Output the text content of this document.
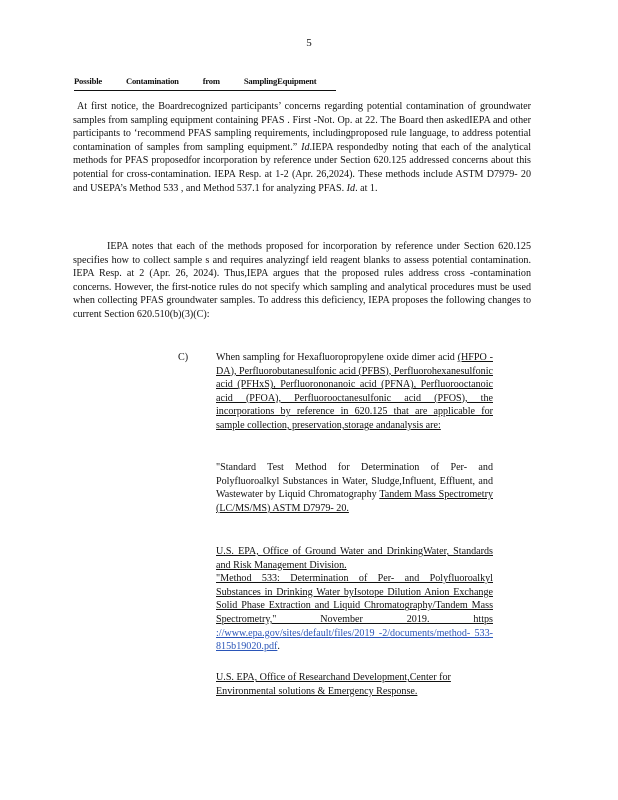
5
Possible Contamination from SamplingEquipment

At first notice, the Boardrecognized participants’ concerns regarding potential contamination of groundwater samples from sampling equipment containing PFAS . First -Not. Op. at 22. The Board then askedIEPA and other participants to ‘recommend PFAS sampling requirements, includingproposed rule language, to address potential contamination of samples from sampling equipment.” Id.IEPA respondedby noting that each of the analytical methods for PFAS proposedfor incorporation by reference under Section 620.125 addressed concerns about this potential for cross-contamination. IEPA Resp. at 1-2 (Apr. 26,2024). These methods include ASTM D7979- 20 and USEPA’s Method 533 , and Method 537.1 for analyzing PFAS. Id. at 1.

IEPA notes that each of the methods proposed for incorporation by reference under Section 620.125 specifies how to collect sample s and requires analyzingf ield reagent blanks to assess potential contamination. IEPA Resp. at 2 (Apr. 26, 2024). Thus,IEPA argues that the proposed rules address cross -contamination concerns. However, the first-notice rules do not specify which sampling and analytical procedures must be used when collecting PFAS groundwater samples. To address this deficiency, IEPA proposes the following changes to current Section 620.510(b)(3)(C):

C)	When sampling for Hexafluoropropylene oxide dimer acid (HFPO -DA), Perfluorobutanesulfonic acid (PFBS), Perfluorohexanesulfonic acid (PFHxS), Perfluorononanoic acid (PFNA), Perfluorooctanoic acid (PFOA), Perfluorooctanesulfonic acid (PFOS), the incorporations by reference in 620.125 that are applicable for sample collection, preservation,storage andanalysis are:
"Standard Test Method for Determination of Per- and Polyfluoroalkyl Substances in Water, Sludge,Influent, Effluent, and Wastewater by Liquid Chromatography Tandem Mass Spectrometry (LC/MS/MS) ASTM D7979- 20.
U.S. EPA, Office of Ground Water and DrinkingWater, Standards and Risk Management Division.
"Method 533: Determination of Per- and Polyfluoroalkyl Substances in Drinking Water byIsotope Dilution Anion Exchange Solid Phase Extraction and Liquid Chromatography/Tandem Mass Spectrometry," November 2019. https ://www.epa.gov/sites/default/files/2019 -2/documents/method- 533-815b19020.pdf.
U.S. EPA, Office of Researchand Development,Center for Environmental solutions & Emergency Response.
